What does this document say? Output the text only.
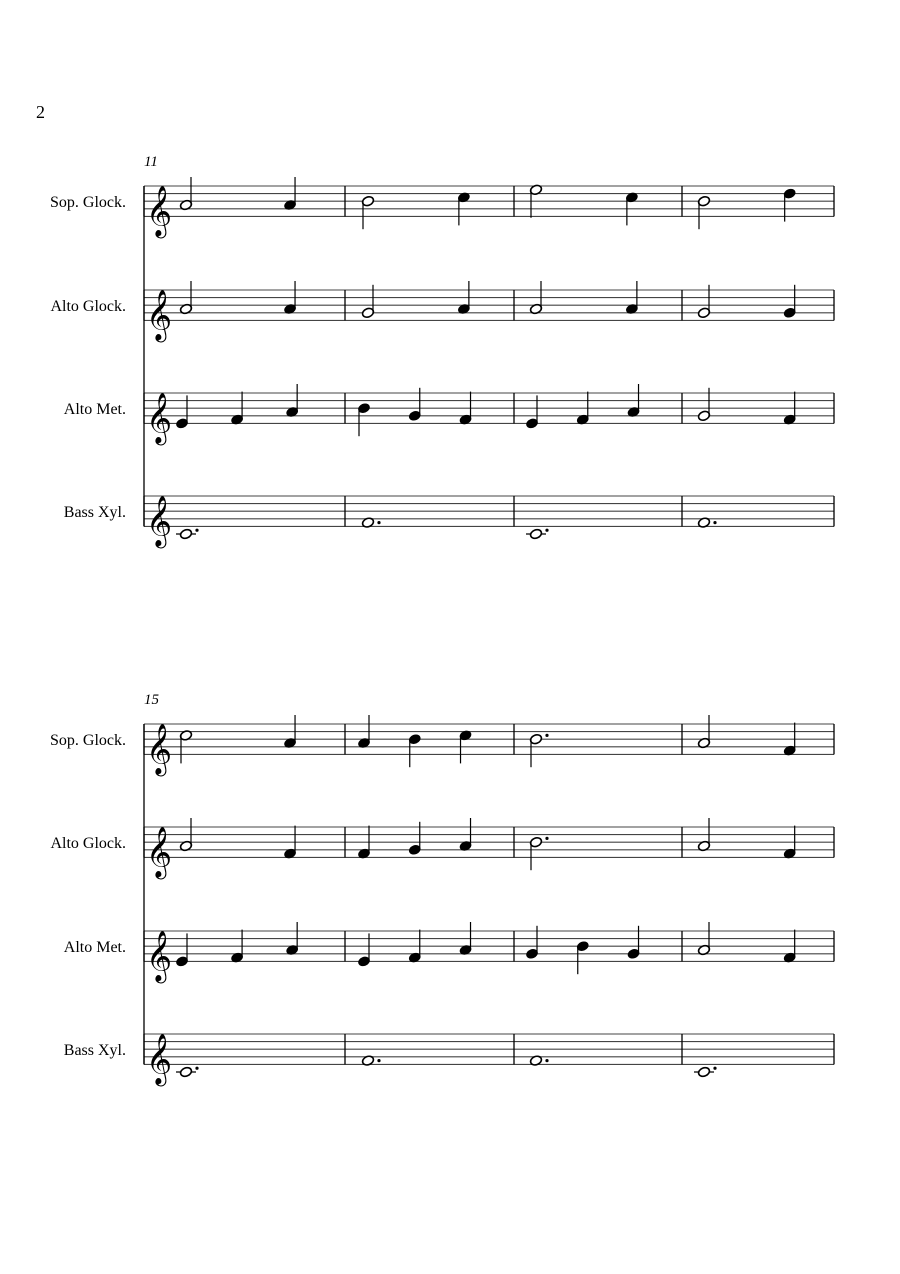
2
11
Sop. Glock. 𝄞
Alto Glock. 𝄞
Alto Met. 𝄞
Bass Xyl. 𝄞
15
Sop. Glock. 𝄞
Alto Glock. 𝄞
Alto Met. 𝄞
Bass Xyl. 𝄞
